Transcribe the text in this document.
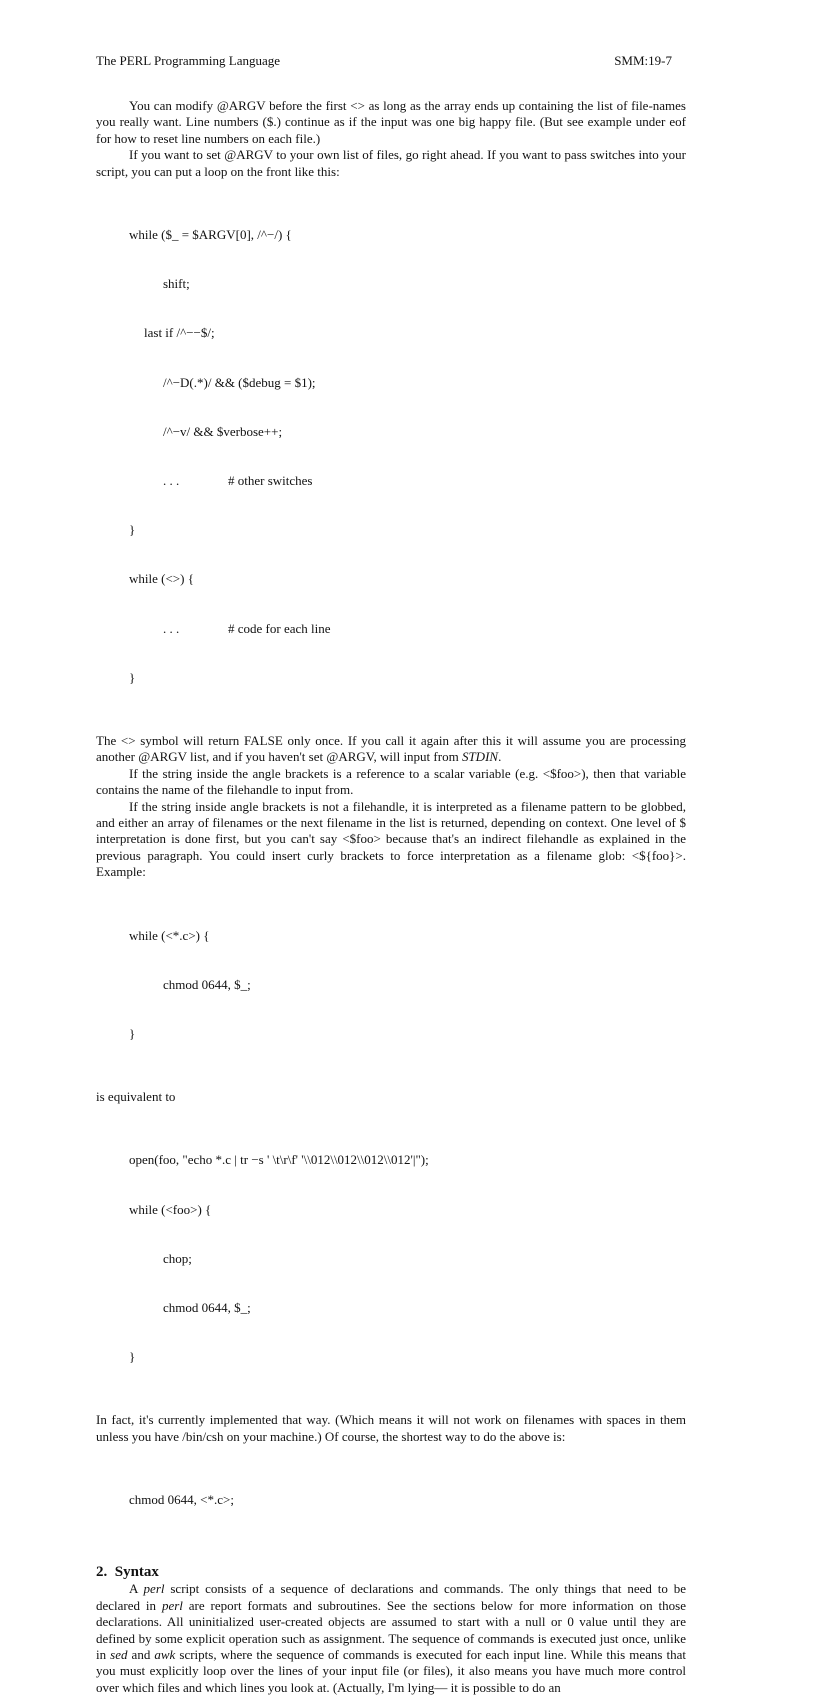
The PERL Programming Language	SMM:19-7

You can modify @ARGV before the first <> as long as the array ends up containing the list of file-names you really want. Line numbers ($.) continue as if the input was one big happy file. (But see example under eof for how to reset line numbers on each file.)

If you want to set @ARGV to your own list of files, go right ahead. If you want to pass switches into your script, you can put a loop on the front like this:

while ($_ = $ARGV[0], /^−/) {

shift;

last if /^−−$/;

/^−D(.*)/ && ($debug = $1);

/^−v/ && $verbose++;

. . .	# other switches

}

while (<>) {

. . .	# code for each line

}

The <> symbol will return FALSE only once. If you call it again after this it will assume you are processing another @ARGV list, and if you haven't set @ARGV, will input from STDIN.

If the string inside the angle brackets is a reference to a scalar variable (e.g. <$foo>), then that variable contains the name of the filehandle to input from.

If the string inside angle brackets is not a filehandle, it is interpreted as a filename pattern to be globbed, and either an array of filenames or the next filename in the list is returned, depending on context. One level of $ interpretation is done first, but you can't say <$foo> because that's an indirect filehandle as explained in the previous paragraph. You could insert curly brackets to force interpretation as a filename glob: <${foo}>. Example:

while (<*.c>) {

chmod 0644, $_;

}

is equivalent to

open(foo, "echo *.c | tr −s ' \t\r\f' '\\012\\012\\012\\012'|");

while (<foo>) {

chop;

chmod 0644, $_;

}

In fact, it's currently implemented that way. (Which means it will not work on filenames with spaces in them unless you have /bin/csh on your machine.) Of course, the shortest way to do the above is:

chmod 0644, <*.c>;

2. Syntax

A perl script consists of a sequence of declarations and commands. The only things that need to be declared in perl are report formats and subroutines. See the sections below for more information on those declarations. All uninitialized user-created objects are assumed to start with a null or 0 value until they are defined by some explicit operation such as assignment. The sequence of commands is executed just once, unlike in sed and awk scripts, where the sequence of commands is executed for each input line. While this means that you must explicitly loop over the lines of your input file (or files), it also means you have much more control over which files and which lines you look at. (Actually, I'm lying— it is possible to do an
